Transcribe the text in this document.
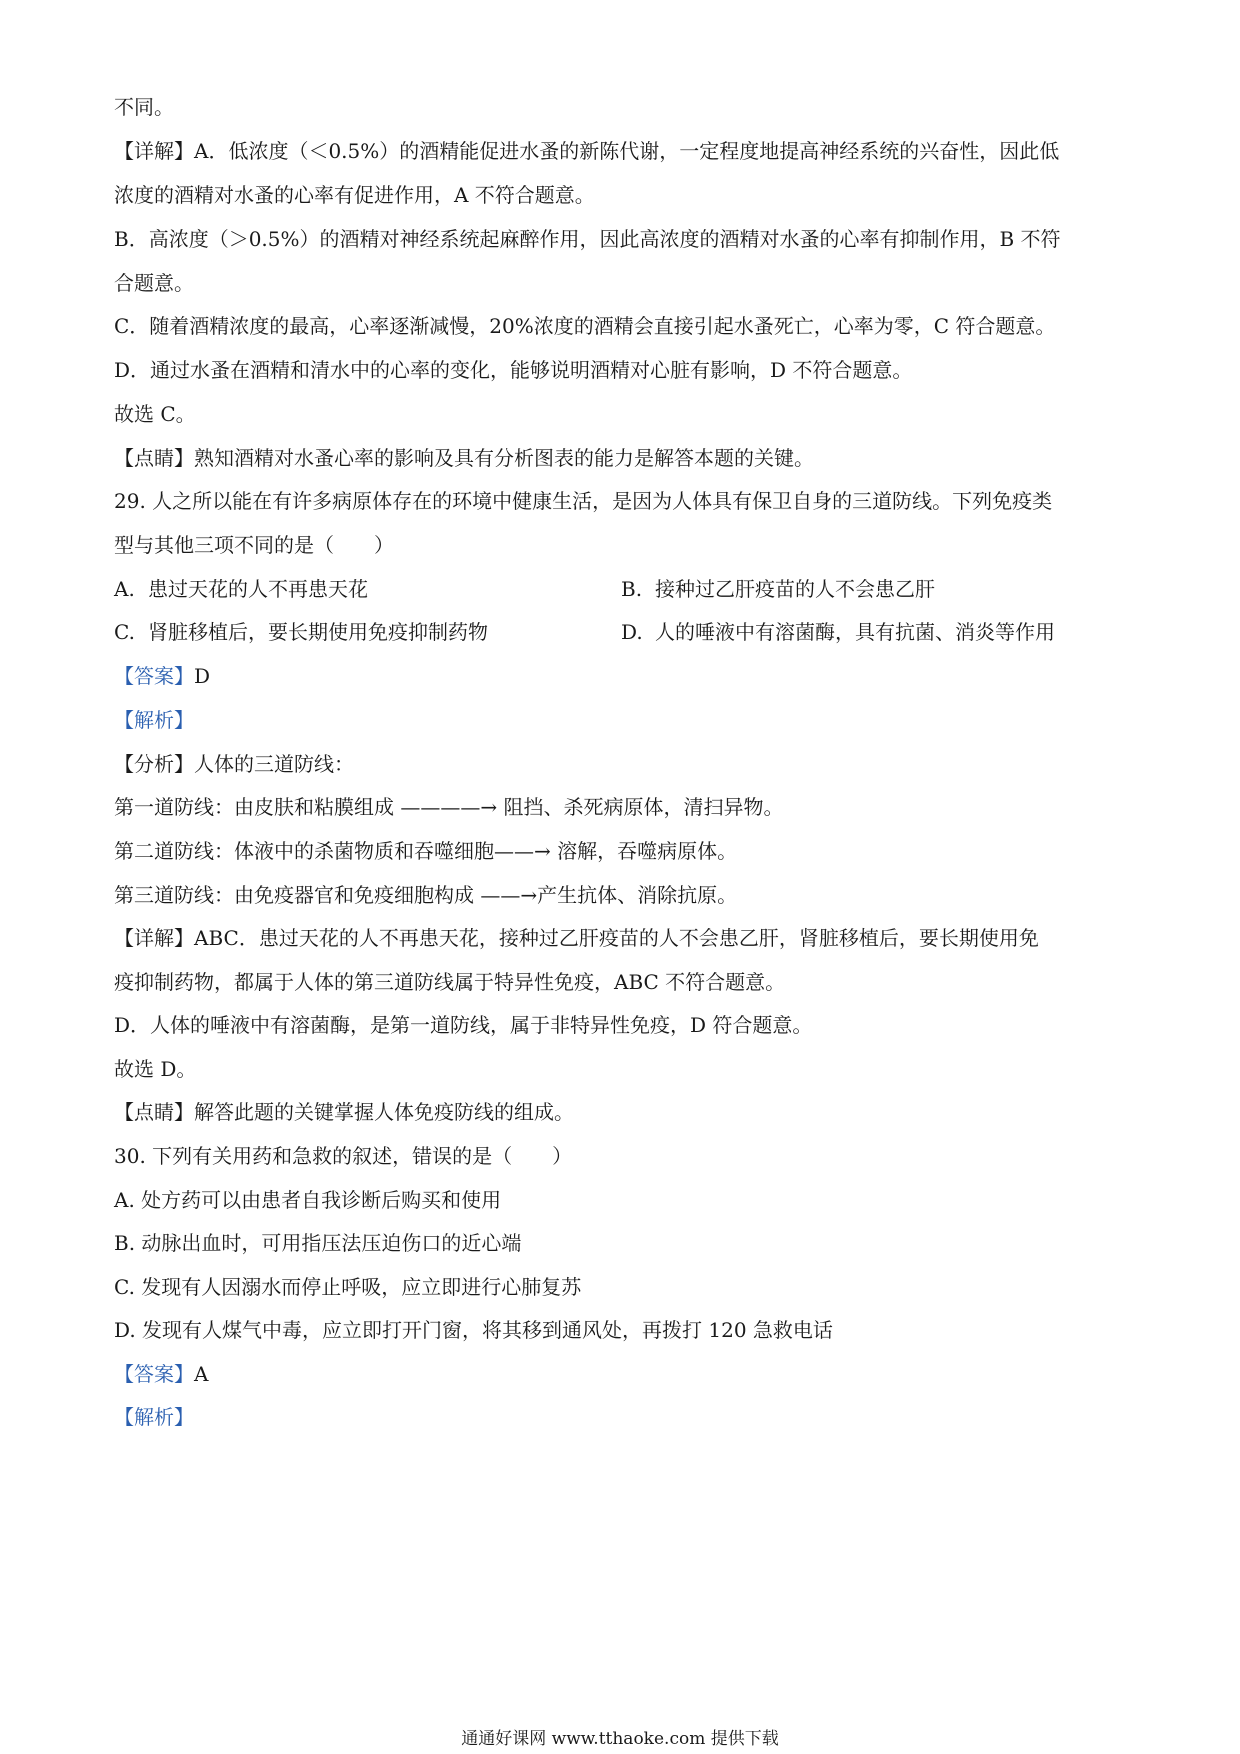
不同。
【详解】A．低浓度（＜0.5%）的酒精能促进水蚤的新陈代谢，一定程度地提高神经系统的兴奋性，因此低
浓度的酒精对水蚤的心率有促进作用，A 不符合题意。
B．高浓度（＞0.5%）的酒精对神经系统起麻醉作用，因此高浓度的酒精对水蚤的心率有抑制作用，B 不符
合题意。
C．随着酒精浓度的最高，心率逐渐减慢，20%浓度的酒精会直接引起水蚤死亡，心率为零，C 符合题意。
D．通过水蚤在酒精和清水中的心率的变化，能够说明酒精对心脏有影响，D 不符合题意。
故选 C。
【点睛】熟知酒精对水蚤心率的影响及具有分析图表的能力是解答本题的关键。
29. 人之所以能在有许多病原体存在的环境中健康生活，是因为人体具有保卫自身的三道防线。下列免疫类
型与其他三项不同的是（　　）
A. 患过天花的人不再患天花	B. 接种过乙肝疫苗的人不会患乙肝
C. 肾脏移植后，要长期使用免疫抑制药物	D. 人的唾液中有溶菌酶，具有抗菌、消炎等作用
【答案】D
【解析】
【分析】人体的三道防线：
第一道防线：由皮肤和粘膜组成 ————→ 阻挡、杀死病原体，清扫异物。
第二道防线：体液中的杀菌物质和吞噬细胞——→ 溶解，吞噬病原体。
第三道防线：由免疫器官和免疫细胞构成 ——→产生抗体、消除抗原。
【详解】ABC．患过天花的人不再患天花，接种过乙肝疫苗的人不会患乙肝，肾脏移植后，要长期使用免
疫抑制药物，都属于人体的第三道防线属于特异性免疫，ABC 不符合题意。
D．人体的唾液中有溶菌酶，是第一道防线，属于非特异性免疫，D 符合题意。
故选 D。
【点睛】解答此题的关键掌握人体免疫防线的组成。
30. 下列有关用药和急救的叙述，错误的是（　　）
A. 处方药可以由患者自我诊断后购买和使用
B. 动脉出血时，可用指压法压迫伤口的近心端
C. 发现有人因溺水而停止呼吸，应立即进行心肺复苏
D. 发现有人煤气中毒，应立即打开门窗，将其移到通风处，再拨打 120 急救电话
【答案】A
【解析】
通通好课网 www.tthaoke.com 提供下载
